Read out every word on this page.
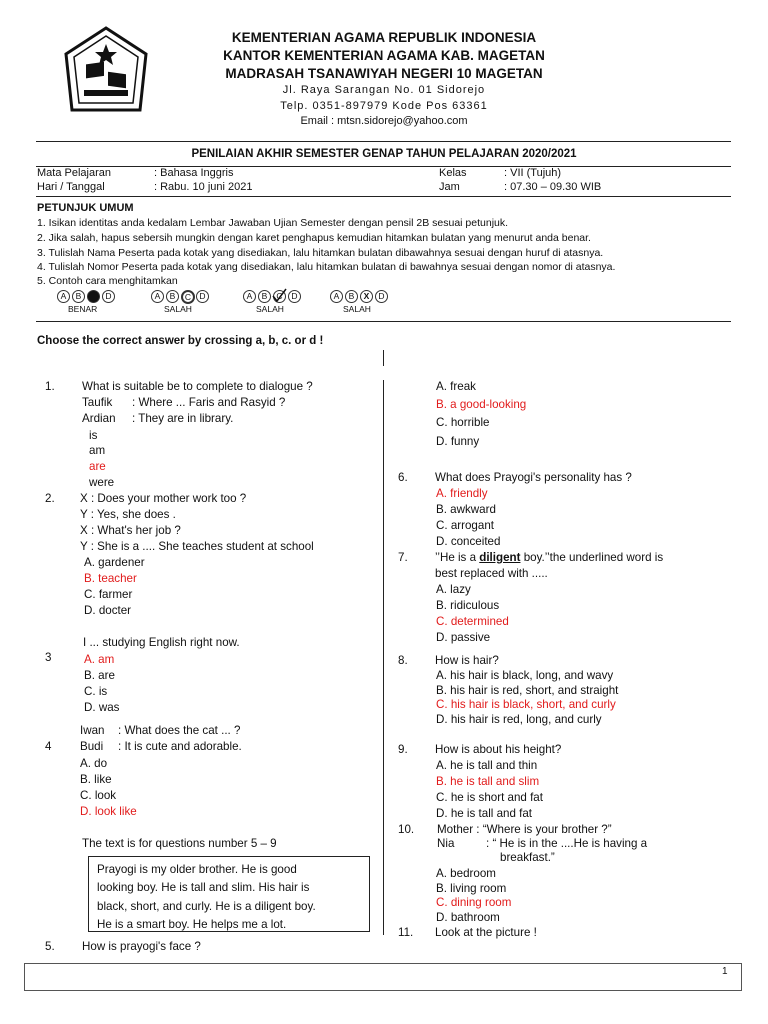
KEMENTERIAN AGAMA REPUBLIK INDONESIA
KANTOR KEMENTERIAN AGAMA KAB. MAGETAN
MADRASAH TSANAWIYAH NEGERI 10 MAGETAN
Jl. Raya Sarangan No. 01 Sidorejo
Telp. 0351-897979 Kode Pos 63361
Email : mtsn.sidorejo@yahoo.com
PENILAIAN AKHIR SEMESTER GENAP TAHUN PELAJARAN 2020/2021
Mata Pelajaran	: Bahasa Inggris	Kelas	: VII (Tujuh)
Hari / Tanggal	: Rabu. 10 juni 2021	Jam	: 07.30 – 09.30 WIB
PETUNJUK UMUM
1. Isikan identitas anda kedalam Lembar Jawaban Ujian Semester dengan pensil 2B sesuai petunjuk.
2. Jika salah, hapus sebersih mungkin dengan karet penghapus kemudian hitamkan bulatan yang menurut anda benar.
3. Tulislah Nama Peserta pada kotak yang disediakan, lalu hitamkan bulatan dibawahnya sesuai dengan huruf di atasnya.
4. Tulislah Nomor Peserta pada kotak yang disediakan, lalu hitamkan bulatan di bawahnya sesuai dengan nomor di atasnya.
5. Contoh cara menghitamkan
A	B	D
BENAR
A	B	C D
SALAH
A	B	C	D
SALAH
A	B	X	D
SALAH
Choose the correct answer by crossing a, b, c. or d !
1. What is suitable be to complete to dialogue ?
Taufik : Where ... Faris and Rasyid ?
Ardian : They are in library.
is
am
are
were
2. X : Does your mother work too ?
Y : Yes, she does .
X : What's her job ?
Y : She is a .... She teaches student at school
A. gardener
B. teacher
C. farmer
D. docter
I ... studying English right now.
3	A. am
B. are
C. is
D. was
Iwan : What does the cat ... ?
4 Budi : It is cute and adorable.
A. do
B. like
C. look
D. look like
The text is for questions number 5 – 9
Prayogi is my older brother. He is good
looking boy. He is tall and slim. His hair is
black, short, and curly. He is a diligent boy.
He is a smart boy. He helps me a lot.
5. How is prayogi's face ?
A. freak
B. a good-looking
C. horrible
D. funny
6. What does Prayogi's personality has ?
A. friendly
B. awkward
C. arrogant
D. conceited
7. ’’He is a diligent boy.’’the underlined word is
best replaced with .....
A. lazy
B. ridiculous
C. determined
D. passive
8. How is hair?
A. his hair is black, long, and wavy
B. his hair is red, short, and straight
C. his hair is black, short, and curly
D. his hair is red, long, and curly
9. How is about his height?
A. he is tall and thin
B. he is tall and slim
C. he is short and fat
D. he is tall and fat
10. Mother : “Where is your brother ?”
Nia	: “ He is in the ....He is having a
breakfast.”
A. bedroom
B. living room
C. dining room
D. bathroom
11. Look at the picture !
1
